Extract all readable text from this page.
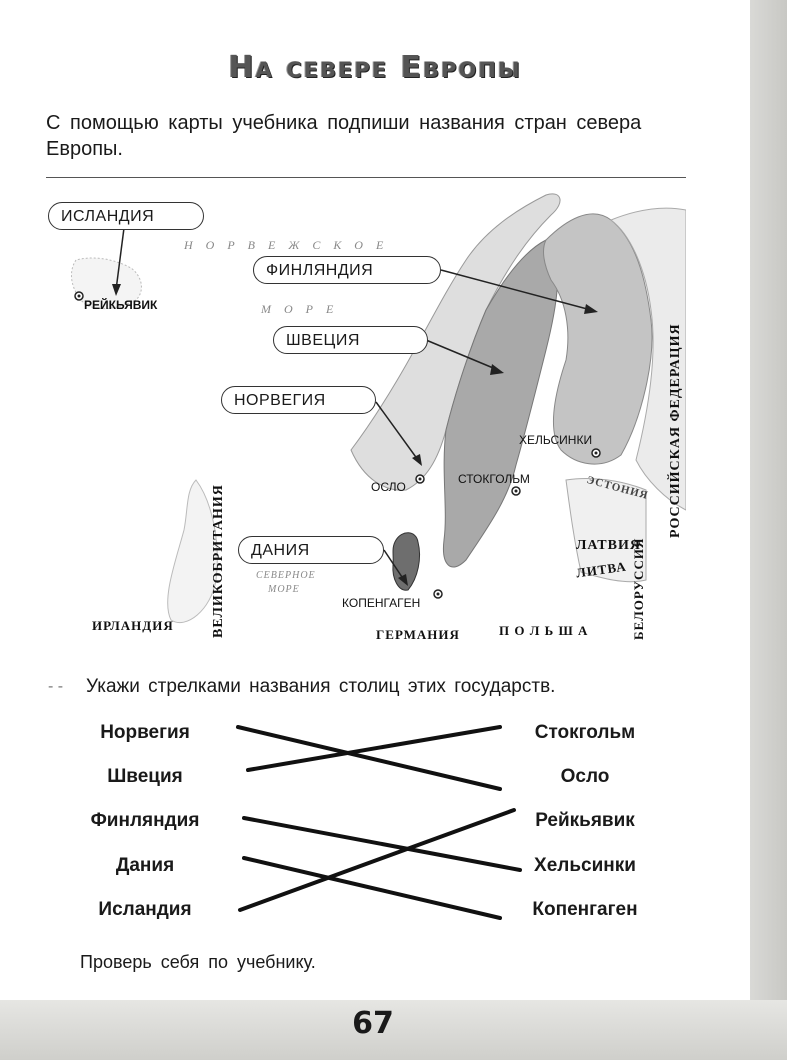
На севере Европы
С помощью карты учебника подпиши названия стран севера Европы.
ИСЛАНДИЯ
ФИНЛЯНДИЯ
ШВЕЦИЯ
НОРВЕГИЯ
ДАНИЯ
РЕЙКЬЯВИК
ХЕЛЬСИНКИ
ОСЛО
СТОКГОЛЬМ
КОПЕНГАГЕН
ЭСТОНИЯ
ЛАТВИЯ
ЛИТВА БЕЛОРУССИЯ
РОССИЙСКАЯ ФЕДЕРАЦИЯ
ВЕЛИКОБРИТАНИЯ
ИРЛАНДИЯ
ГЕРМАНИЯ	П О Л Ь Ш А
Н О Р В Е Ж С К О Е
М О Р Е
СЕВЕРНОЕ
МОРЕ
- - Укажи стрелками названия столиц этих государств.
Норвегия
Швеция
Финляндия
Дания
Исландия
Стокгольм
Осло
Рейкьявик
Хельсинки
Копенгаген
Проверь себя по учебнику.
67
